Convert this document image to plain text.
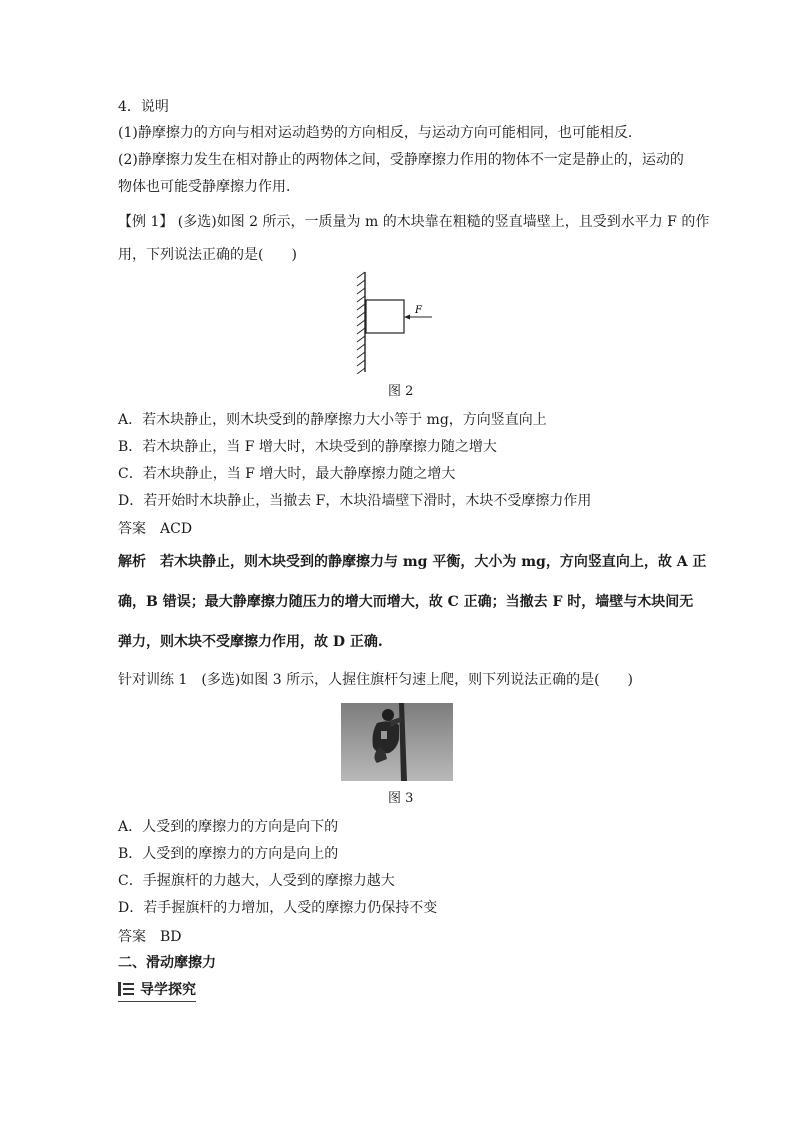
4．说明
(1)静摩擦力的方向与相对运动趋势的方向相反，与运动方向可能相同，也可能相反．
(2)静摩擦力发生在相对静止的两物体之间，受静摩擦力作用的物体不一定是静止的，运动的
物体也可能受静摩擦力作用．
【例 1】 (多选)如图 2 所示，一质量为 m 的木块靠在粗糙的竖直墙壁上，且受到水平力 F 的作
用，下列说法正确的是(　　)
F
图 2
A．若木块静止，则木块受到的静摩擦力大小等于 mg，方向竖直向上
B．若木块静止，当 F 增大时，木块受到的静摩擦力随之增大
C．若木块静止，当 F 增大时，最大静摩擦力随之增大
D．若开始时木块静止，当撤去 F，木块沿墙壁下滑时，木块不受摩擦力作用
答案　ACD
解析　若木块静止，则木块受到的静摩擦力与 mg 平衡，大小为 mg，方向竖直向上，故 A 正
确，B 错误；最大静摩擦力随压力的增大而增大，故 C 正确；当撤去 F 时，墙壁与木块间无
弹力，则木块不受摩擦力作用，故 D 正确.
针对训练 1　(多选)如图 3 所示，人握住旗杆匀速上爬，则下列说法正确的是(　　)
图 3
A．人受到的摩擦力的方向是向下的
B．人受到的摩擦力的方向是向上的
C．手握旗杆的力越大，人受到的摩擦力越大
D．若手握旗杆的力增加，人受的摩擦力仍保持不变
答案　BD
二、滑动摩擦力
导学探究
